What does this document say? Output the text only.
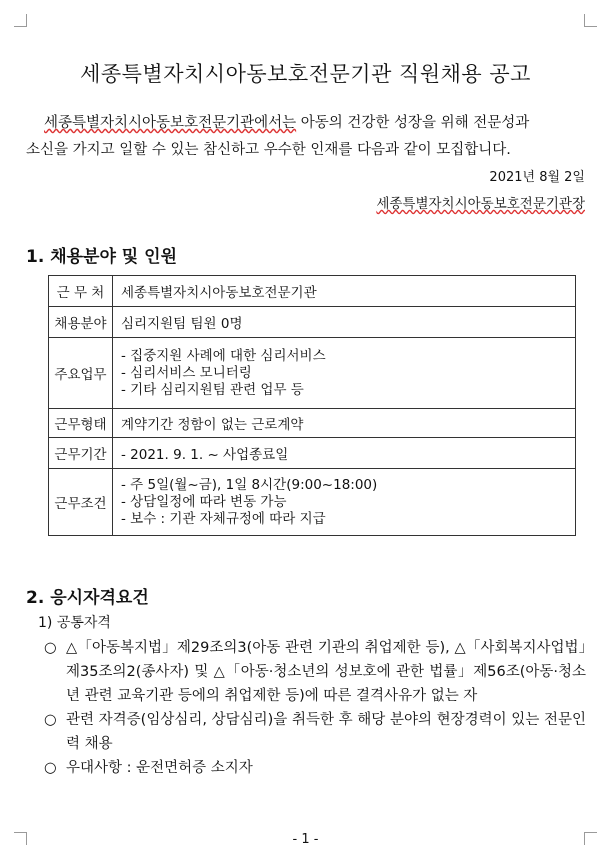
세종특별자치시아동보호전문기관 직원채용 공고
세종특별자치시아동보호전문기관에서는 아동의 건강한 성장을 위해 전문성과
소신을 가지고 일할 수 있는 참신하고 우수한 인재를 다음과 같이 모집합니다.
2021년 8월 2일
세종특별자치시아동보호전문기관장
1. 채용분야 및 인원
근 무 처	세종특별자치시아동보호전문기관
채용분야	심리지원팀 팀원 0명
주요업무	- 집중지원 사례에 대한 심리서비스
- 심리서비스 모니터링
- 기타 심리지원팀 관련 업무 등

근무형태	계약기간 정함이 없는 근로계약
근무기간	- 2021. 9. 1. ~ 사업종료일
근무조건	- 주 5일(월~금), 1일 8시간(9:00~18:00)
- 상담일정에 따라 변동 가능
- 보수 : 기관 자체규정에 따라 지급
2. 응시자격요건
1) 공통자격
○ △「아동복지법」제29조의3(아동 관련 기관의 취업제한 등), △「사회복지사업법」제35조의2(종사자) 및 △「아동·청소년의 성보호에 관한 법률」제56조(아동·청소년 관련 교육기관 등에의 취업제한 등)에 따른 결격사유가 없는 자
○ 관련 자격증(임상심리, 상담심리)을 취득한 후 해당 분야의 현장경력이 있는 전문인력 채용
○ 우대사항 : 운전면허증 소지자
- 1 -
